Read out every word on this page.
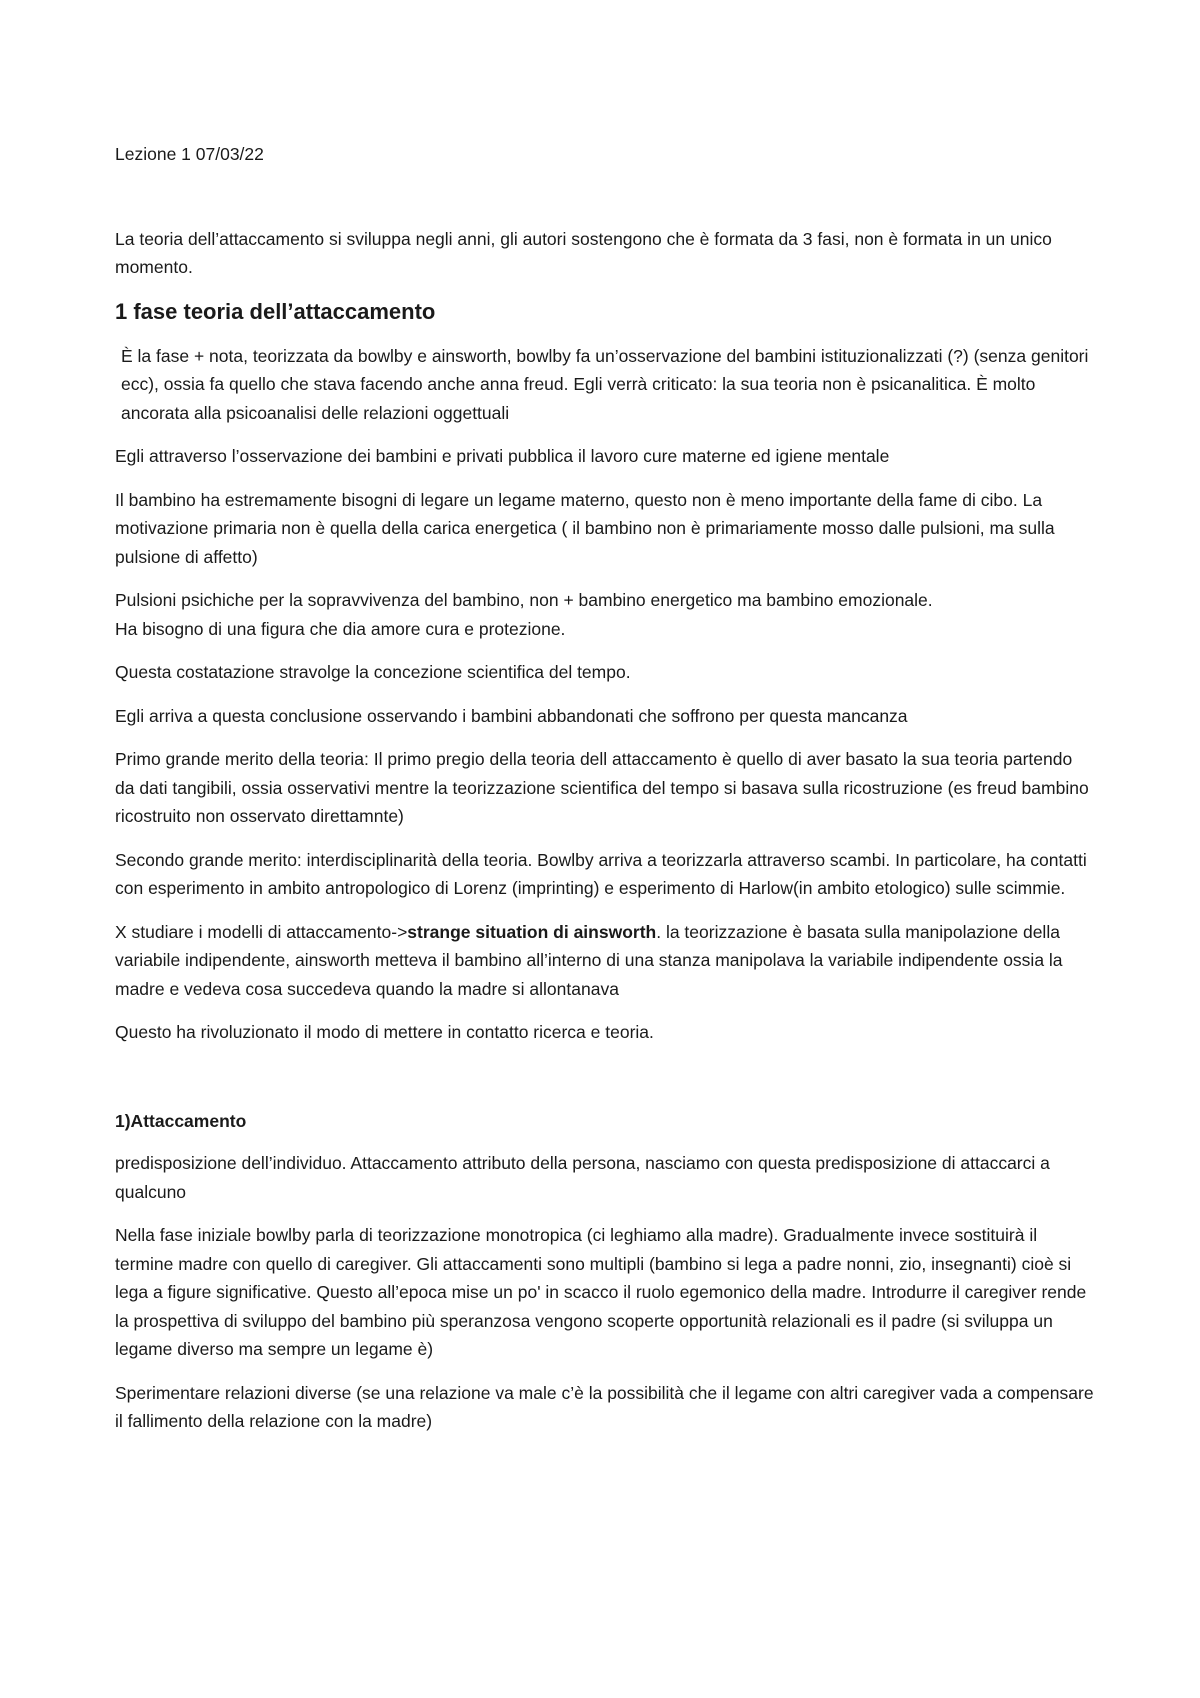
Lezione 1 07/03/22

La teoria dell’attaccamento si sviluppa negli anni, gli autori sostengono che è formata da 3 fasi, non è formata in un unico momento.

1 fase teoria dell’attaccamento

È la fase + nota, teorizzata da bowlby e ainsworth, bowlby fa un’osservazione del bambini istituzionalizzati (?) (senza genitori ecc), ossia fa quello che stava facendo anche anna freud. Egli verrà criticato: la sua teoria non è psicanalitica. È molto ancorata alla psicoanalisi delle relazioni oggettuali

Egli attraverso l’osservazione dei bambini e privati pubblica il lavoro cure materne ed igiene mentale

Il bambino ha estremamente bisogni di legare un legame materno, questo non è meno importante della fame di cibo. La motivazione primaria non è quella della carica energetica ( il bambino non è primariamente mosso dalle pulsioni, ma sulla pulsione di affetto)

Pulsioni psichiche per la sopravvivenza del bambino, non + bambino energetico ma bambino emozionale.
Ha bisogno di una figura che dia amore cura e protezione.

Questa costatazione stravolge la concezione scientifica del tempo.

Egli arriva a questa conclusione osservando i bambini abbandonati che soffrono per questa mancanza

Primo grande merito della teoria: Il primo pregio della teoria dell attaccamento è quello di aver basato la sua teoria partendo da dati tangibili, ossia osservativi mentre la teorizzazione scientifica del tempo si basava sulla ricostruzione (es freud bambino ricostruito non osservato direttamnte)

Secondo grande merito: interdisciplinarità della teoria. Bowlby arriva a teorizzarla attraverso scambi. In particolare, ha contatti con esperimento in ambito antropologico di Lorenz (imprinting) e esperimento di Harlow(in ambito etologico) sulle scimmie.

X studiare i modelli di attaccamento->strange situation di ainsworth. la teorizzazione è basata sulla manipolazione della variabile indipendente, ainsworth metteva il bambino all’interno di una stanza manipolava la variabile indipendente ossia la madre e vedeva cosa succedeva quando la madre si allontanava

Questo ha rivoluzionato il modo di mettere in contatto ricerca e teoria.

1)Attaccamento

predisposizione dell’individuo. Attaccamento attributo della persona, nasciamo con questa predisposizione di attaccarci a qualcuno

Nella fase iniziale bowlby parla di teorizzazione monotropica (ci leghiamo alla madre). Gradualmente invece sostituirà il termine madre con quello di caregiver. Gli attaccamenti sono multipli (bambino si lega a padre nonni, zio, insegnanti) cioè si lega a figure significative. Questo all’epoca mise un po' in scacco il ruolo egemonico della madre. Introdurre il caregiver rende la prospettiva di sviluppo del bambino più speranzosa vengono scoperte opportunità relazionali es il padre (si sviluppa un legame diverso ma sempre un legame è)

Sperimentare relazioni diverse (se una relazione va male c’è la possibilità che il legame con altri caregiver vada a compensare il fallimento della relazione con la madre)
